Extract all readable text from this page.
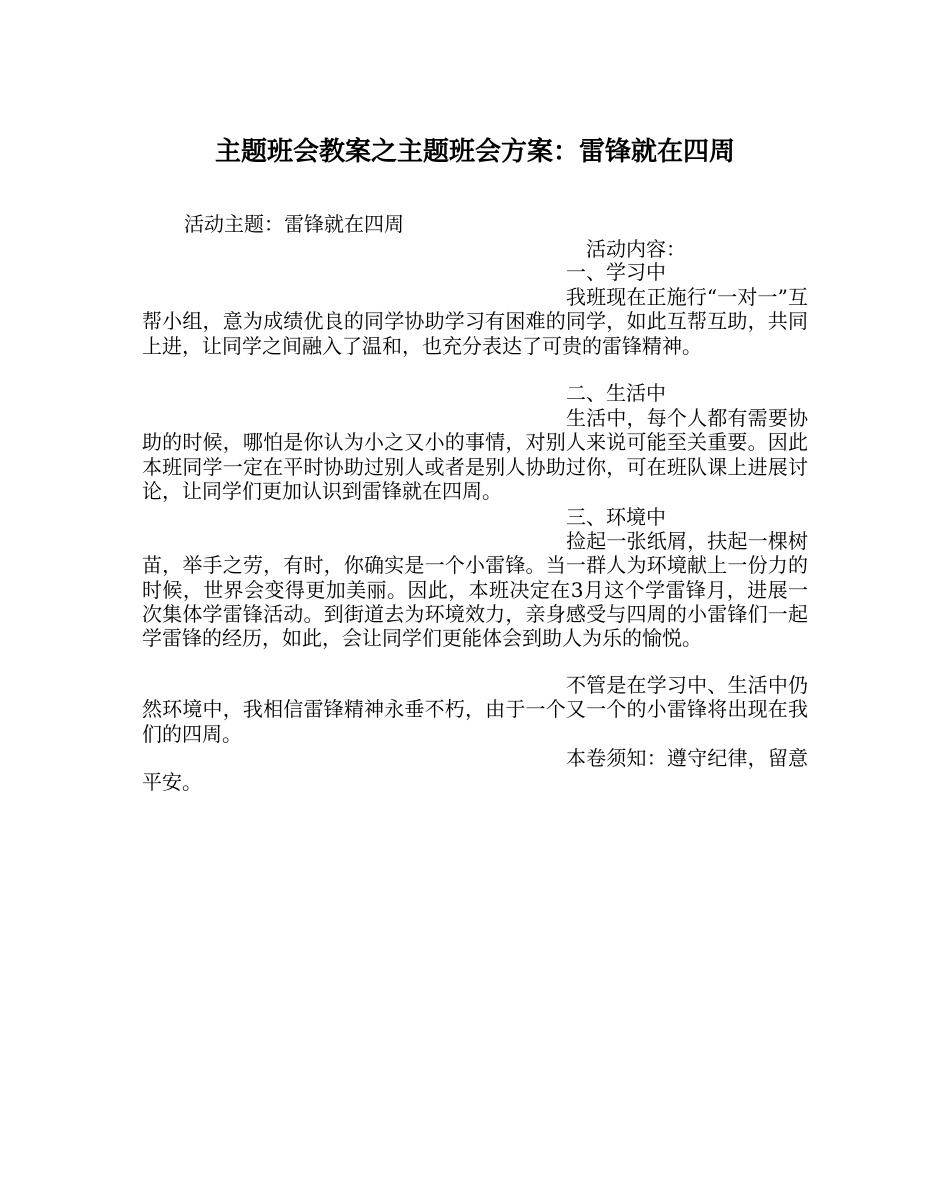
主题班会教案之主题班会方案：雷锋就在四周
活动主题：雷锋就在四周
活动内容：
一、学习中
我班现在正施行“一对一”互帮小组，意为成绩优良的同学协助学习有困难的同学，如此互帮互助，共同上进，让同学之间融入了温和，也充分表达了可贵的雷锋精神。
二、生活中
生活中，每个人都有需要协助的时候，哪怕是你认为小之又小的事情，对别人来说可能至关重要。因此本班同学一定在平时协助过别人或者是别人协助过你，可在班队课上进展讨论，让同学们更加认识到雷锋就在四周。
三、环境中
捡起一张纸屑，扶起一棵树苗，举手之劳，有时，你确实是一个小雷锋。当一群人为环境献上一份力的时候，世界会变得更加美丽。因此，本班决定在3月这个学雷锋月，进展一次集体学雷锋活动。到街道去为环境效力，亲身感受与四周的小雷锋们一起学雷锋的经历，如此，会让同学们更能体会到助人为乐的愉悦。
不管是在学习中、生活中仍然环境中，我相信雷锋精神永垂不朽，由于一个又一个的小雷锋将出现在我们的四周。
本卷须知：遵守纪律，留意平安。
